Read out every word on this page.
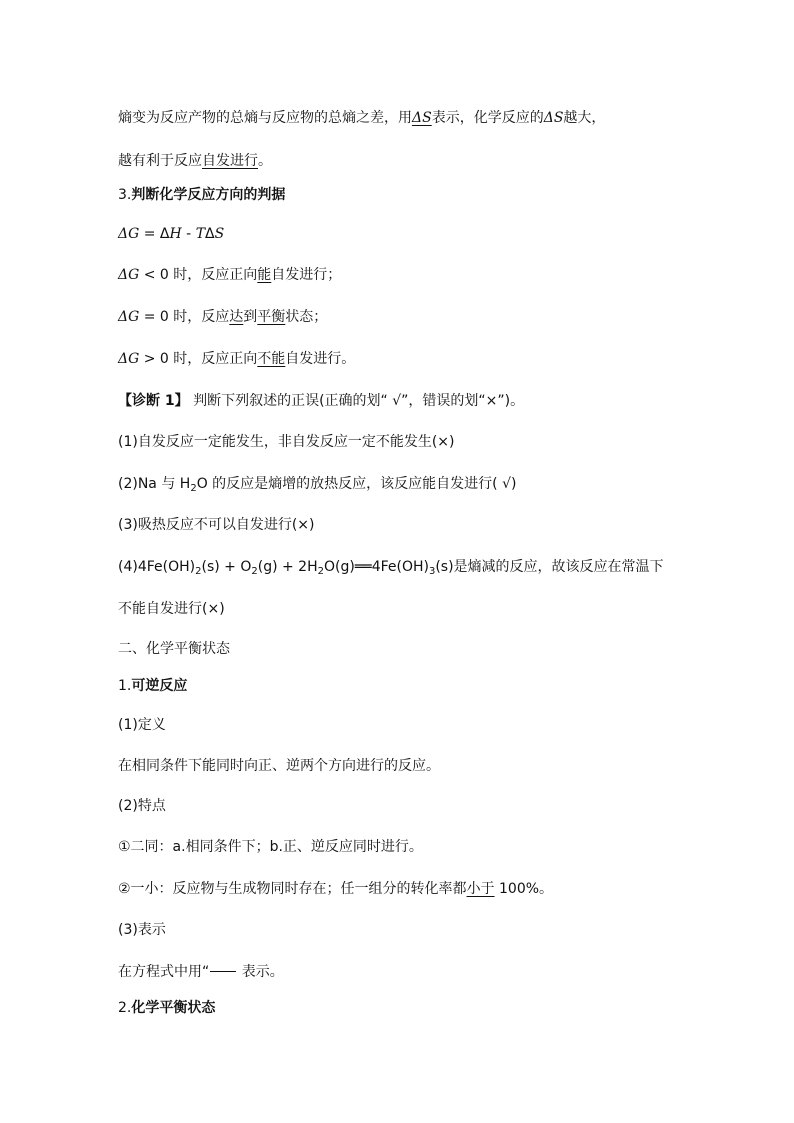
熵变为反应产物的总熵与反应物的总熵之差，用ΔS表示，化学反应的ΔS越大，
越有利于反应自发进行。
3.判断化学反应方向的判据
ΔG = ΔH - TΔS
ΔG < 0 时，反应正向能自发进行；
ΔG = 0 时，反应达到平衡状态；
ΔG > 0 时，反应正向不能自发进行。
【诊断 1】 判断下列叙述的正误(正确的划“ √”，错误的划“×”)。
(1)自发反应一定能发生，非自发反应一定不能发生(×)
(2)Na 与 $H_2O$ 的反应是熵增的放热反应，该反应能自发进行( √)
(3)吸热反应不可以自发进行(×)
$(4)4Fe(OH)_2(s) + O_2(g)$ + $2H_2O(g)══4Fe(OH)_3(s)$是熵减的反应，故该反应在常温下
不能自发进行(×)
二、化学平衡状态
1.可逆反应
(1)定义
在相同条件下能同时向正、逆两个方向进行的反应。
(2)特点
①二同：a.相同条件下；b.正、逆反应同时进行。
②一小：反应物与生成物同时存在；任一组分的转化率都小于 100%。
(3)表示
在方程式中用“ 表示。
2.化学平衡状态
